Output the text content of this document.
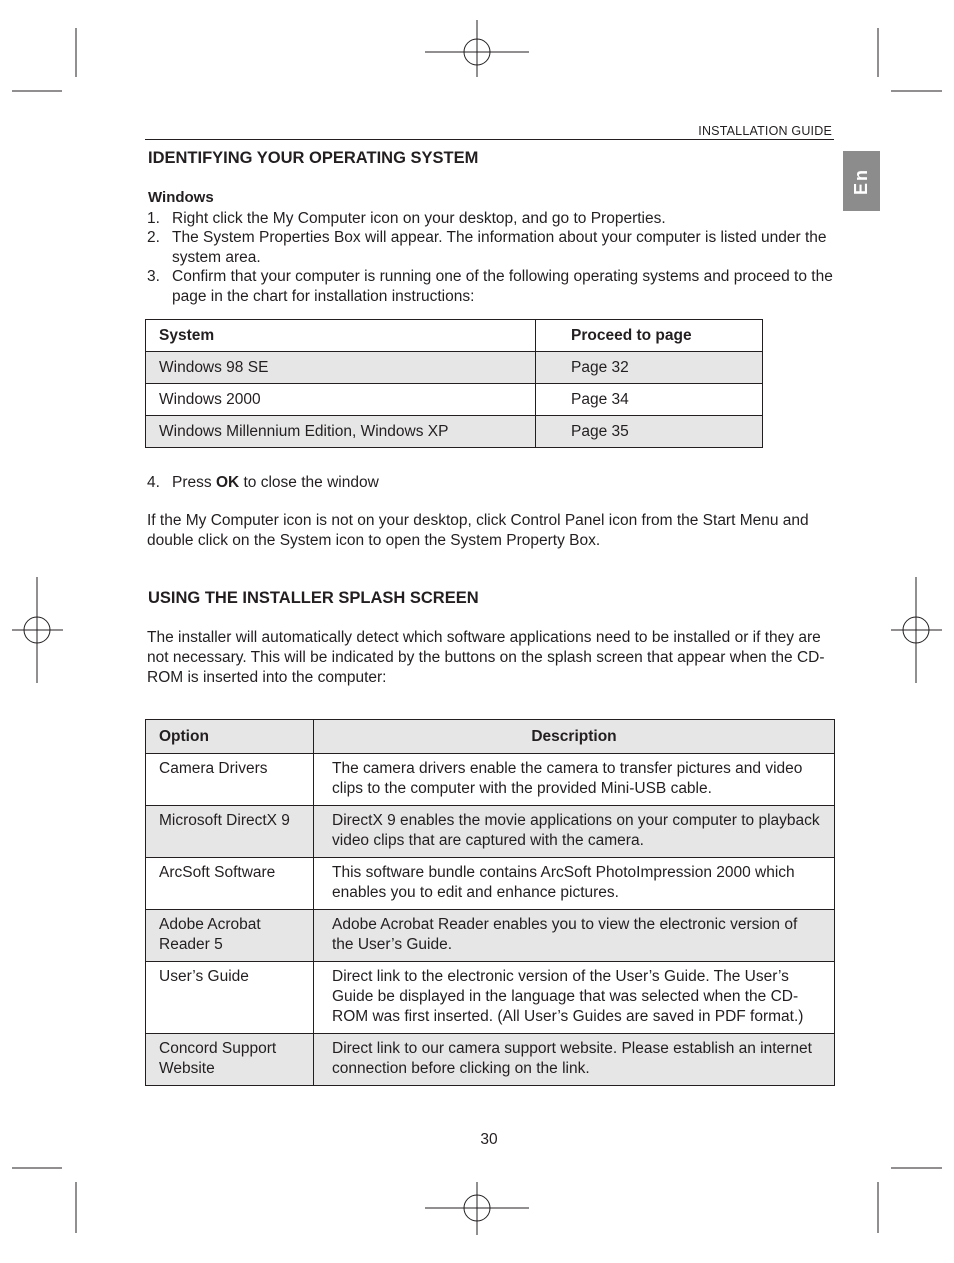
INSTALLATION GUIDE
En
IDENTIFYING YOUR OPERATING SYSTEM
Windows
1. Right click the My Computer icon on your desktop, and go to Properties.
2. The System Properties Box will appear. The information about your computer is listed under the system area.
3. Confirm that your computer is running one of the following operating systems and proceed to the page in the chart for installation instructions:
System	Proceed to page
Windows 98 SE	Page 32
Windows 2000	Page 34
Windows Millennium Edition, Windows XP	Page 35
4. Press OK to close the window
If the My Computer icon is not on your desktop, click Control Panel icon from the Start Menu and double click on the System icon to open the System Property Box.
USING THE INSTALLER SPLASH SCREEN
The installer will automatically detect which software applications need to be installed or if they are not necessary. This will be indicated by the buttons on the splash screen that appear when the CD-ROM is inserted into the computer:
Option	Description
Camera Drivers	The camera drivers enable the camera to transfer pictures and video clips to the computer with the provided Mini-USB cable.
Microsoft DirectX 9	DirectX 9 enables the movie applications on your computer to playback video clips that are captured with the camera.
ArcSoft Software	This software bundle contains ArcSoft PhotoImpression 2000 which enables you to edit and enhance pictures.
Adobe Acrobat Reader 5	Adobe Acrobat Reader enables you to view the electronic version of the User’s Guide.
User’s Guide	Direct link to the electronic version of the User’s Guide. The User’s Guide be displayed in the language that was selected when the CD-ROM was first inserted. (All User’s Guides are saved in PDF format.)
Concord Support Website	Direct link to our camera support website. Please establish an internet connection before clicking on the link.
30
